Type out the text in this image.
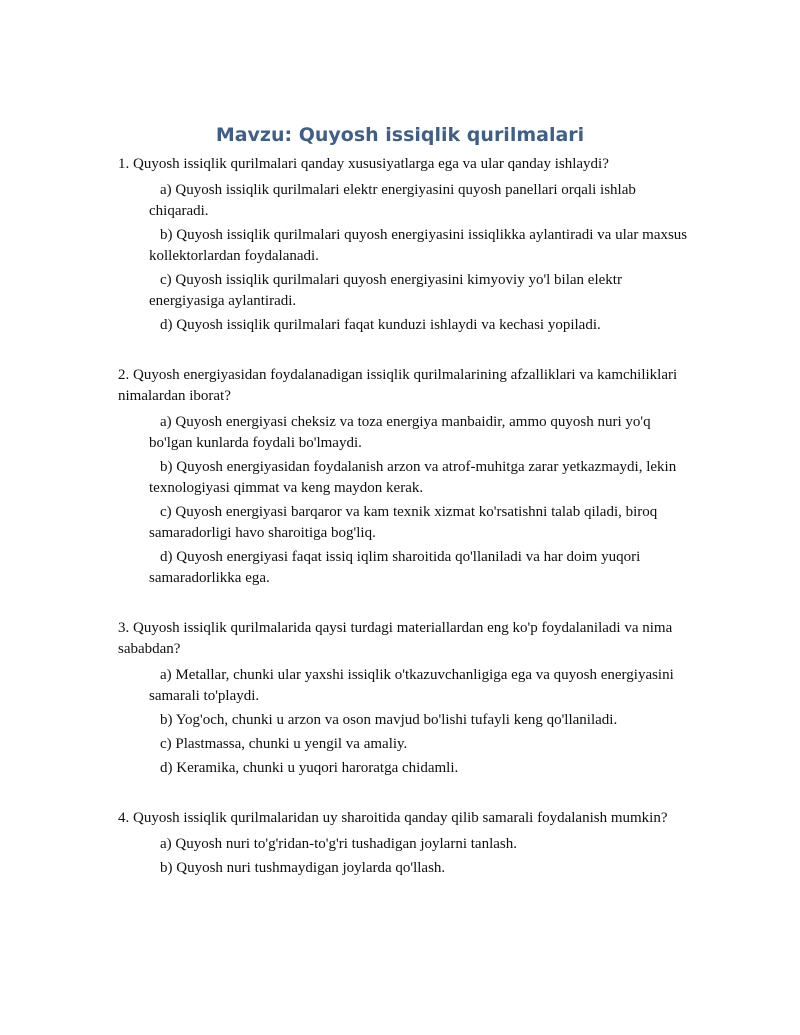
Mavzu: Quyosh issiqlik qurilmalari

1. Quyosh issiqlik qurilmalari qanday xususiyatlarga ega va ular qanday ishlaydi?

a) Quyosh issiqlik qurilmalari elektr energiyasini quyosh panellari orqali ishlab chiqaradi.

b) Quyosh issiqlik qurilmalari quyosh energiyasini issiqlikka aylantiradi va ular maxsus kollektorlardan foydalanadi.

c) Quyosh issiqlik qurilmalari quyosh energiyasini kimyoviy yo'l bilan elektr energiyasiga aylantiradi.

d) Quyosh issiqlik qurilmalari faqat kunduzi ishlaydi va kechasi yopiladi.

2. Quyosh energiyasidan foydalanadigan issiqlik qurilmalarining afzalliklari va kamchiliklari nimalardan iborat?

a) Quyosh energiyasi cheksiz va toza energiya manbaidir, ammo quyosh nuri yo'q bo'lgan kunlarda foydali bo'lmaydi.

b) Quyosh energiyasidan foydalanish arzon va atrof-muhitga zarar yetkazmaydi, lekin texnologiyasi qimmat va keng maydon kerak.

c) Quyosh energiyasi barqaror va kam texnik xizmat ko'rsatishni talab qiladi, biroq samaradorligi havo sharoitiga bog'liq.

d) Quyosh energiyasi faqat issiq iqlim sharoitida qo'llaniladi va har doim yuqori samaradorlikka ega.

3. Quyosh issiqlik qurilmalarida qaysi turdagi materiallardan eng ko'p foydalaniladi va nima sababdan?

a) Metallar, chunki ular yaxshi issiqlik o'tkazuvchanligiga ega va quyosh energiyasini samarali to'playdi.

b) Yog'och, chunki u arzon va oson mavjud bo'lishi tufayli keng qo'llaniladi.

c) Plastmassa, chunki u yengil va amaliy.

d) Keramika, chunki u yuqori haroratga chidamli.

4. Quyosh issiqlik qurilmalaridan uy sharoitida qanday qilib samarali foydalanish mumkin?

a) Quyosh nuri to'g'ridan-to'g'ri tushadigan joylarni tanlash.

b) Quyosh nuri tushmaydigan joylarda qo'llash.
